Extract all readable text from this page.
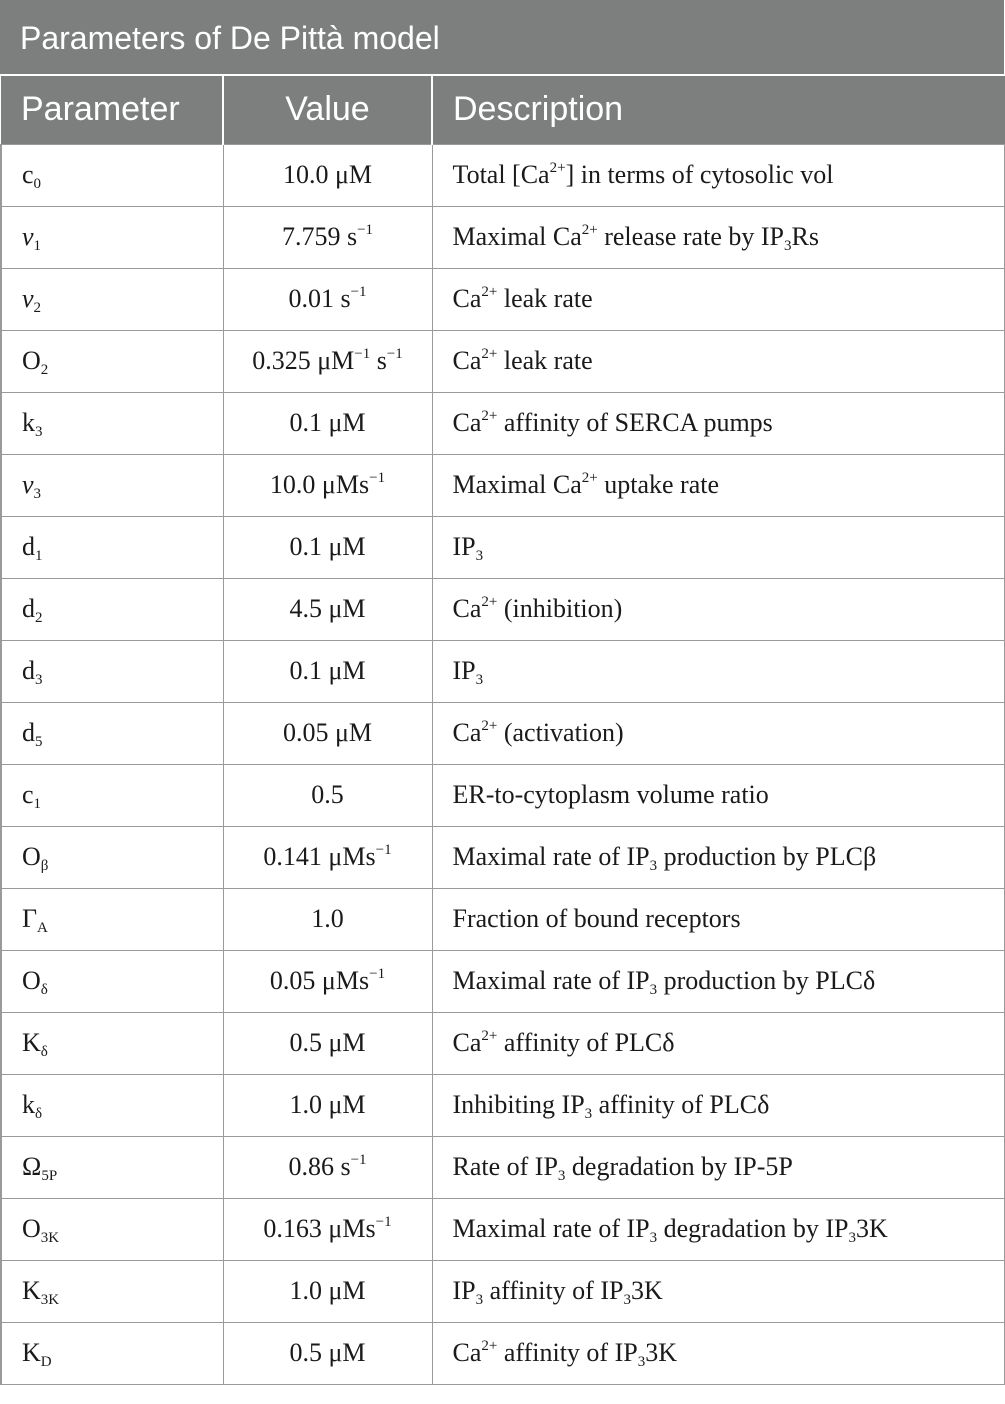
Parameters of De Pittà model
Parameter	Value	Description
$c_0$	10.0 μM	Total $[Ca^{2+}]$ in terms of cytosolic vol
$\nu_1$	7.759 $s^{-1}$	Maximal $Ca^{2+}$ release rate by $IP_3Rs$
$\nu_2$	0.01 $s^{-1}$	$Ca^{2+}$ leak rate
$O_2$	0.325 $\mu M^{-1}$ $s^{-1}$	$Ca^{2+}$ leak rate
$k_3$	0.1 μM	$Ca^{2+}$ affinity of SERCA pumps
$\nu_3$	10.0 μMs$^{-1}$	Maximal $Ca^{2+}$ uptake rate
$d_1$	0.1 μM	$IP_3$
$d_2$	4.5 μM	$Ca^{2+}$ (inhibition)
$d_3$	0.1 μM	$IP_3$
$d_5$	0.05 μM	$Ca^{2+}$ (activation)
$c_1$	0.5	ER-to-cytoplasm volume ratio
$O_\beta$	0.141 μMs$^{-1}$	Maximal rate of $IP_3$ production by PLCβ
$\Gamma_A$	1.0	Fraction of bound receptors
$O_\delta$	0.05 μMs$^{-1}$	Maximal rate of $IP_3$ production by PLCδ
$K_\delta$	0.5 μM	$Ca^{2+}$ affinity of PLCδ
$k_\delta$	1.0 μM	Inhibiting $IP_3$ affinity of PLCδ
$\Omega_{5P}$	0.86 $s^{-1}$	Rate of $IP_3$ degradation by IP-5P
$O_{3K}$	0.163 μMs$^{-1}$	Maximal rate of $IP_3$ degradation by $IP_33K$
$K_{3K}$	1.0 μM	$IP_3$ affinity of $IP_33K$
$K_D$	0.5 μM	$Ca^{2+}$ affinity of $IP_33K$
